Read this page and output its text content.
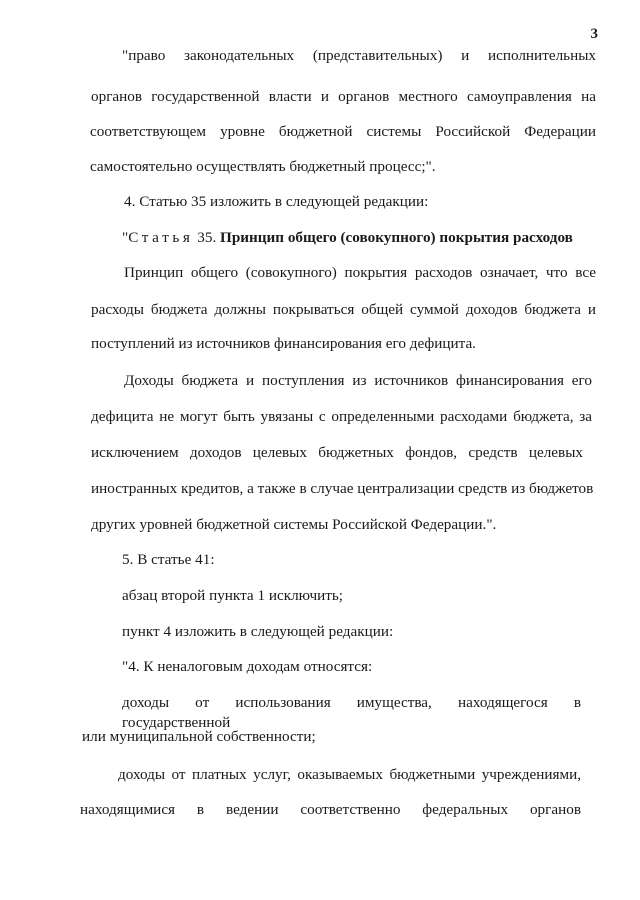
3
"право законодательных (представительных) и исполнительных
органов государственной власти и органов местного самоуправления на
соответствующем уровне бюджетной системы Российской Федерации
самостоятельно осуществлять бюджетный процесс;".
4. Статью 35 изложить в следующей редакции:
"Статья 35. Принцип общего (совокупного) покрытия расходов
Принцип общего (совокупного) покрытия расходов означает, что все
расходы бюджета должны покрываться общей суммой доходов бюджета и
поступлений из источников финансирования его дефицита.
Доходы бюджета и поступления из источников финансирования его
дефицита не могут быть увязаны с определенными расходами бюджета, за
исключением доходов целевых бюджетных фондов, средств целевых
иностранных кредитов, а также в случае централизации средств из бюджетов
других уровней бюджетной системы Российской Федерации.".
5. В статье 41:
абзац второй пункта 1 исключить;
пункт 4 изложить в следующей редакции:
"4. К неналоговым доходам относятся:
доходы от использования имущества, находящегося в государственной
или муниципальной собственности;
доходы от платных услуг, оказываемых бюджетными учреждениями,
находящимися в ведении соответственно федеральных органов
